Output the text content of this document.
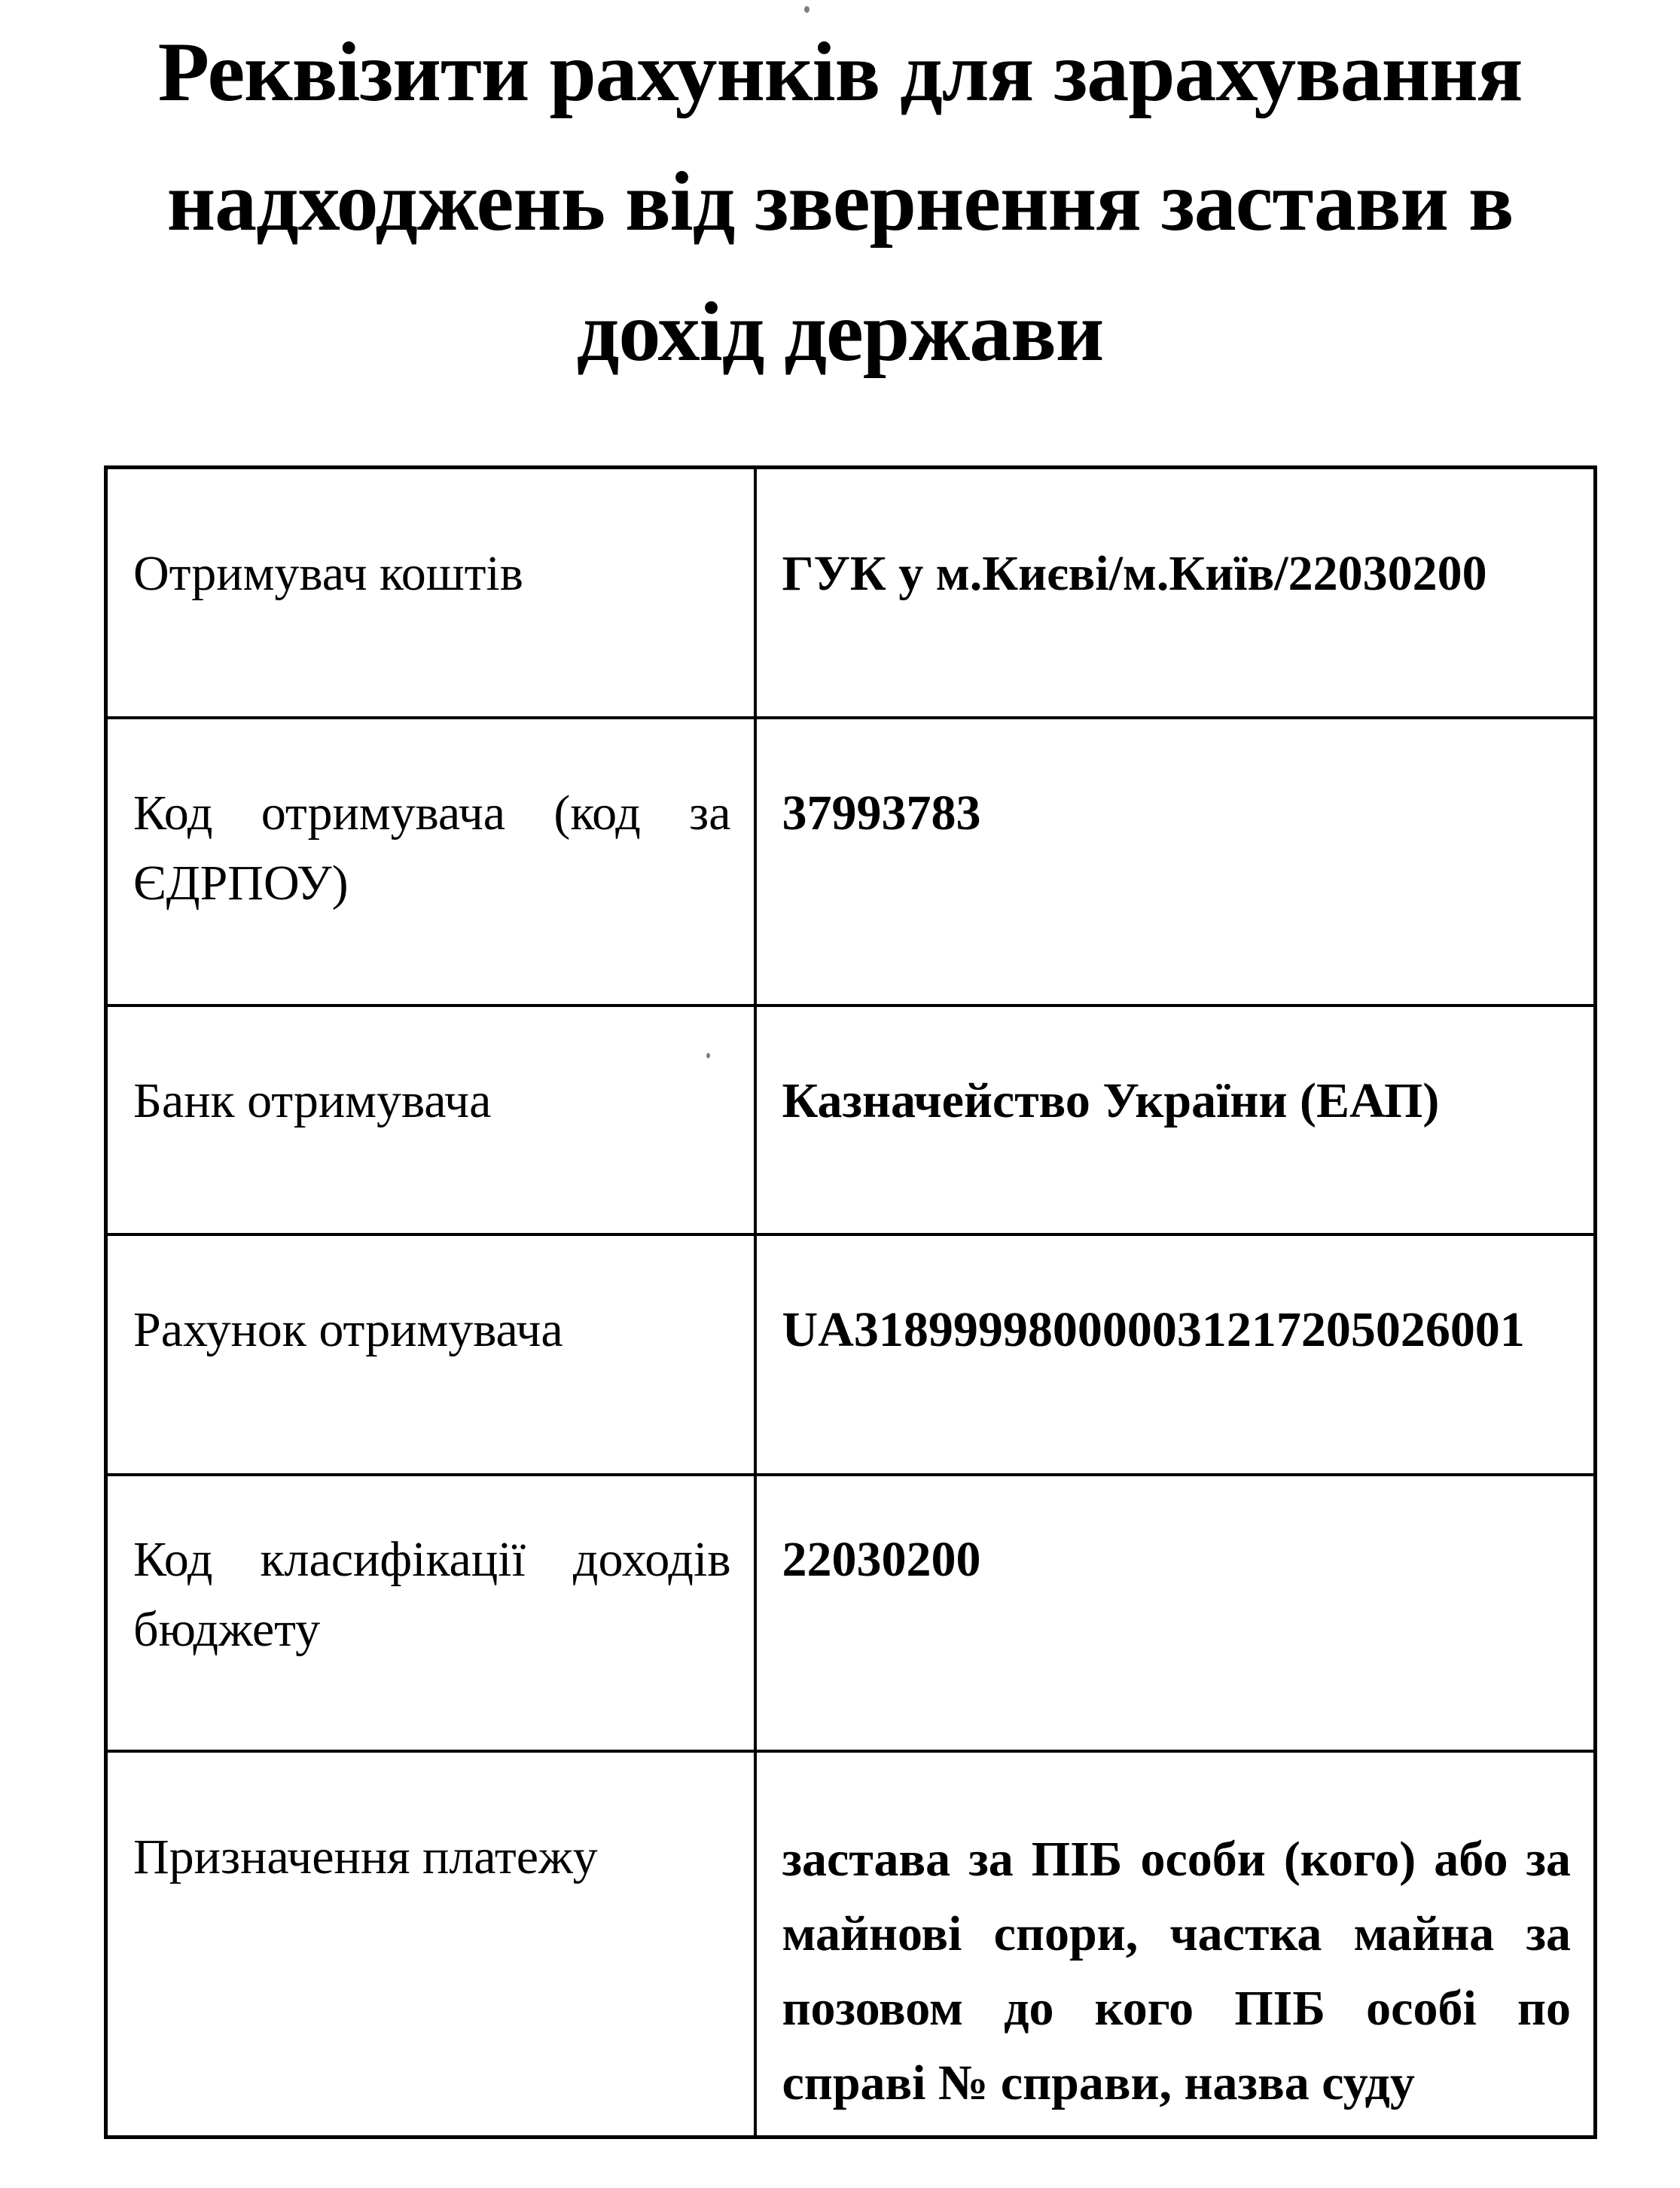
Реквізити рахунків для зарахування
надходжень від звернення застави в
дохід держави
Отримувач коштів	ГУК у м.Києві/м.Київ/22030200
Код отримувача (код за ЄДРПОУ)	37993783
Банк отримувача	Казначейство України (ЕАП)
Рахунок отримувача	UA318999980000031217205026001
Код класифікації доходів бюджету	22030200
Призначення платежу	застава за ПІБ особи (кого) або за майнові спори, частка майна за позовом до кого ПІБ особі по справі № справи, назва суду
